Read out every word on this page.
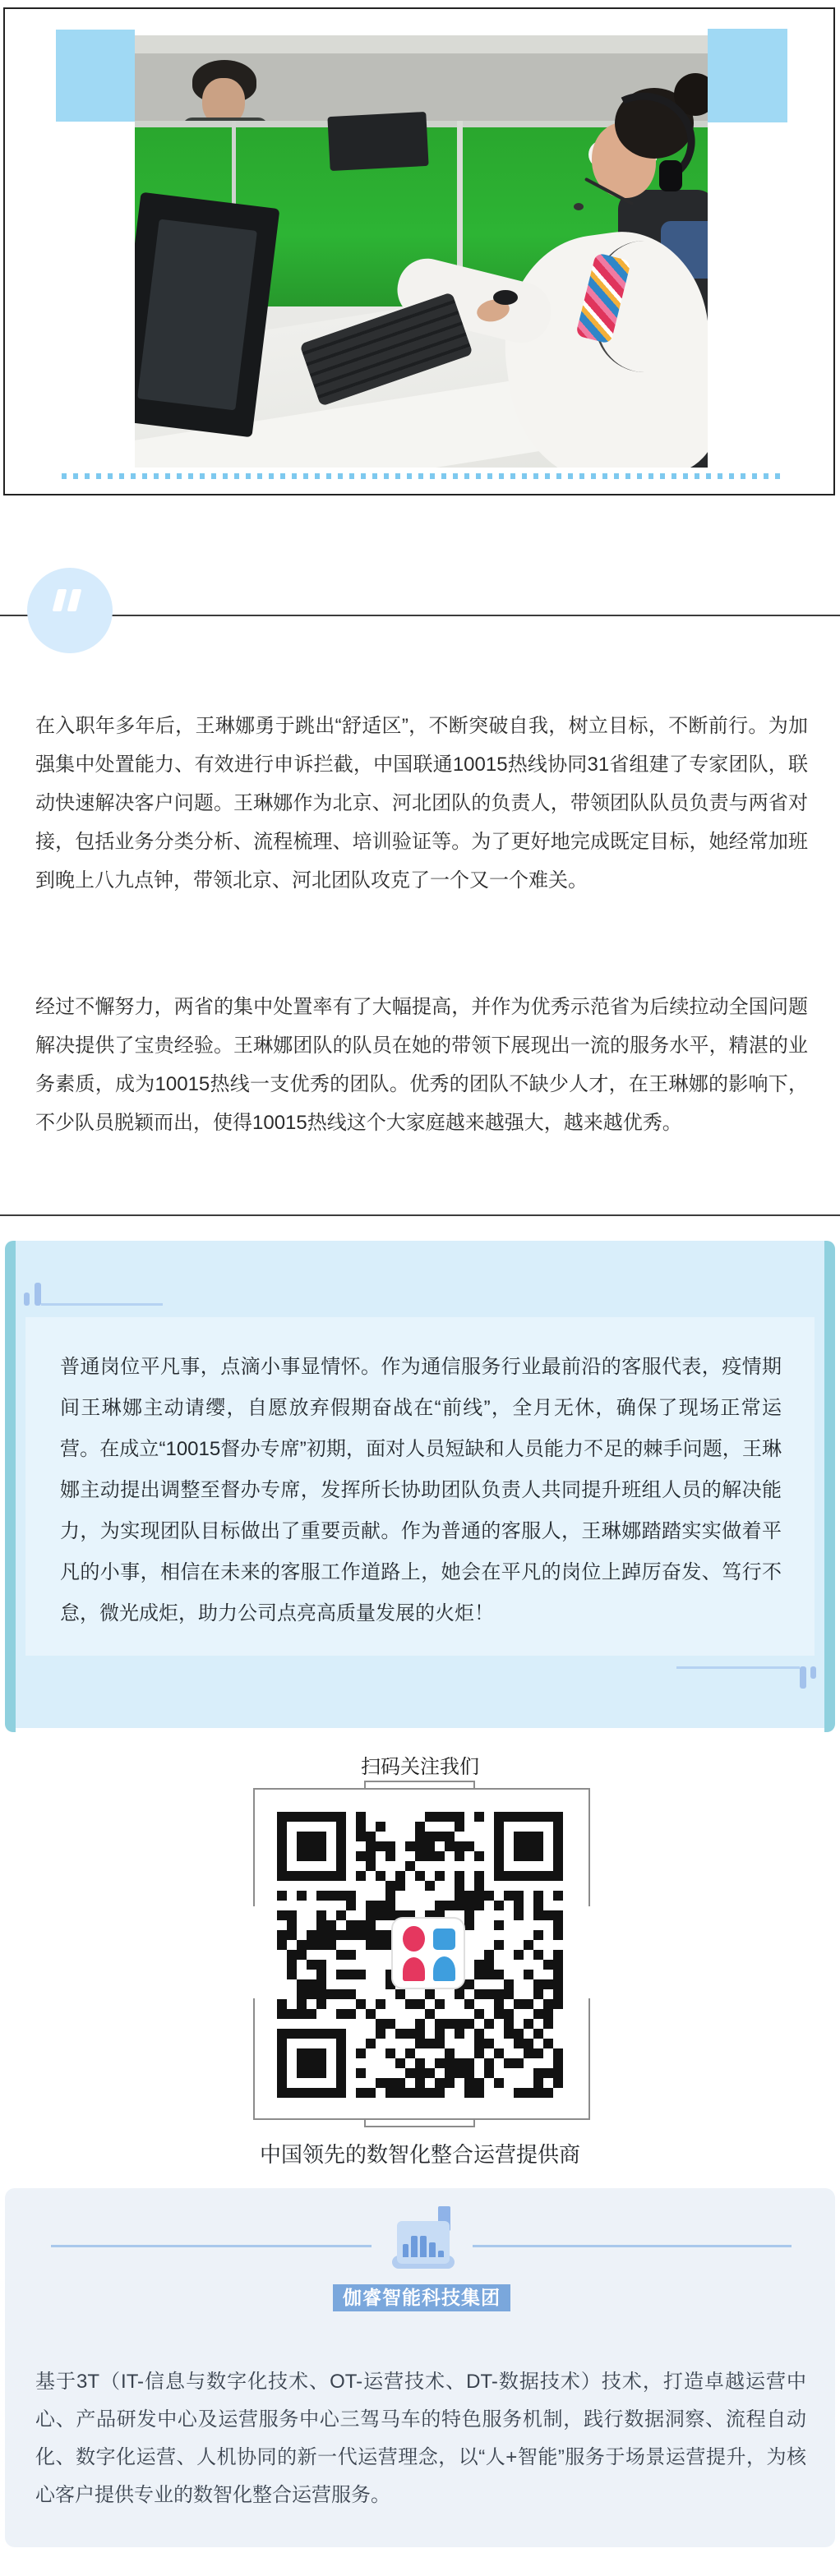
在入职年多年后，王琳娜勇于跳出“舒适区”，不断突破自我，树立目标，不断前行。为加强集中处置能力、有效进行申诉拦截，中国联通10015热线协同31省组建了专家团队，联动快速解决客户问题。王琳娜作为北京、河北团队的负责人，带领团队队员负责与两省对接，包括业务分类分析、流程梳理、培训验证等。为了更好地完成既定目标，她经常加班到晚上八九点钟，带领北京、河北团队攻克了一个又一个难关。
经过不懈努力，两省的集中处置率有了大幅提高，并作为优秀示范省为后续拉动全国问题解决提供了宝贵经验。王琳娜团队的队员在她的带领下展现出一流的服务水平，精湛的业务素质，成为10015热线一支优秀的团队。优秀的团队不缺少人才，在王琳娜的影响下，不少队员脱颖而出，使得10015热线这个大家庭越来越强大，越来越优秀。
普通岗位平凡事，点滴小事显情怀。作为通信服务行业最前沿的客服代表，疫情期间王琳娜主动请缨，自愿放弃假期奋战在“前线”，全月无休，确保了现场正常运营。在成立“10015督办专席”初期，面对人员短缺和人员能力不足的棘手问题，王琳娜主动提出调整至督办专席，发挥所长协助团队负责人共同提升班组人员的解决能力，为实现团队目标做出了重要贡献。作为普通的客服人，王琳娜踏踏实实做着平凡的小事，相信在未来的客服工作道路上，她会在平凡的岗位上踔厉奋发、笃行不怠，微光成炬，助力公司点亮高质量发展的火炬！
扫码关注我们
中国领先的数智化整合运营提供商
伽睿智能科技集团
基于3T（IT-信息与数字化技术、OT-运营技术、DT-数据技术）技术，打造卓越运营中心、产品研发中心及运营服务中心三驾马车的特色服务机制，践行数据洞察、流程自动化、数字化运营、人机协同的新一代运营理念，以“人+智能”服务于场景运营提升，为核心客户提供专业的数智化整合运营服务。
